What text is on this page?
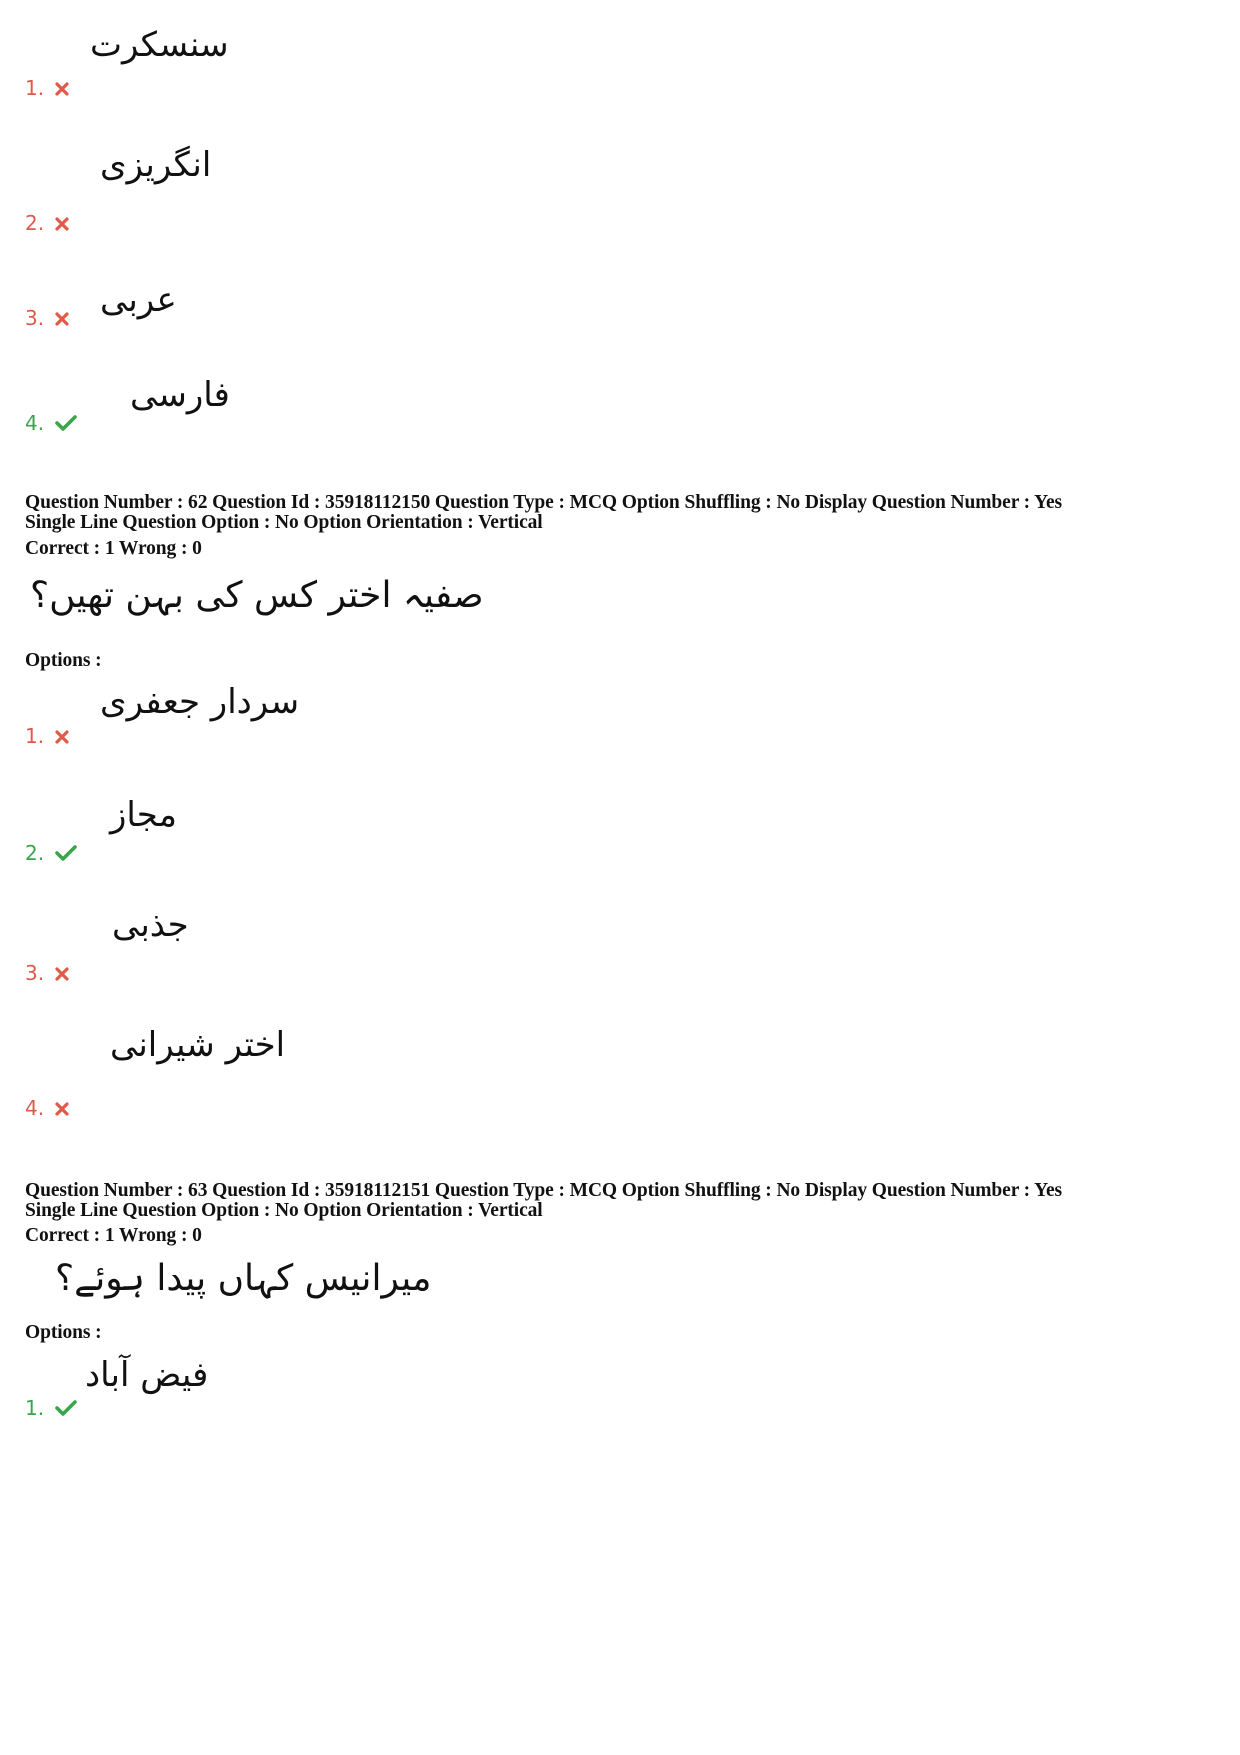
سنسکرت
1.
انگریزی
2.
عربی
3.
فارسی
4.
Question Number : 62 Question Id : 35918112150 Question Type : MCQ Option Shuffling : No Display Question Number : Yes
Single Line Question Option : No Option Orientation : Vertical
Correct : 1 Wrong : 0
صفیہ اختر کس کی بہن تھیں؟
Options :
سردار جعفری
1.
مجاز
2.
جذبی
3.
اختر شیرانی
4.
Question Number : 63 Question Id : 35918112151 Question Type : MCQ Option Shuffling : No Display Question Number : Yes
Single Line Question Option : No Option Orientation : Vertical
Correct : 1 Wrong : 0
میرانیس کہاں پیدا ہوئے؟
Options :
فیض آباد
1.
